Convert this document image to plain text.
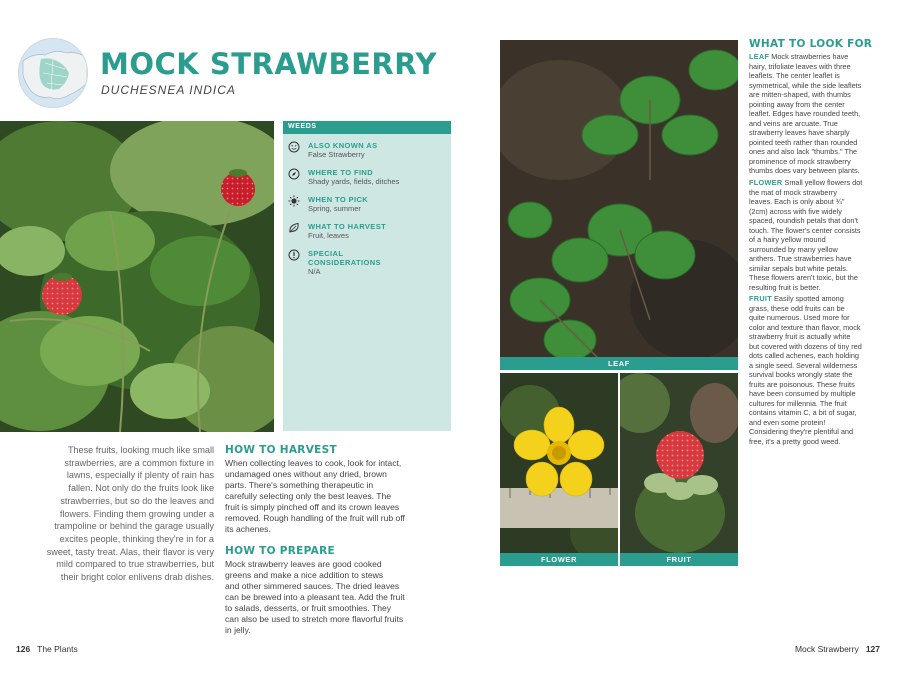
MOCK STRAWBERRY
DUCHESNEA INDICA
WEEDS
ALSO KNOWN AS
False Strawberry
WHERE TO FIND
Shady yards, fields, ditches
WHEN TO PICK
Spring, summer
WHAT TO HARVEST
Fruit, leaves
SPECIAL
CONSIDERATIONS
N/A
These fruits, looking much like small
strawberries, are a common fixture in
lawns, especially if plenty of rain has
fallen. Not only do the fruits look like
strawberries, but so do the leaves and
flowers. Finding them growing under a
trampoline or behind the garage usually
excites people, thinking they're in for a
sweet, tasty treat. Alas, their flavor is very
mild compared to true strawberries, but
their bright color enlivens drab dishes.
HOW TO HARVEST
When collecting leaves to cook, look for intact,
undamaged ones without any dried, brown
parts. There's something therapeutic in
carefully selecting only the best leaves. The
fruit is simply pinched off and its crown leaves
removed. Rough handling of the fruit will rub off
its achenes.
HOW TO PREPARE
Mock strawberry leaves are good cooked
greens and make a nice addition to stews
and other simmered sauces. The dried leaves
can be brewed into a pleasant tea. Add the fruit
to salads, desserts, or fruit smoothies. They
can also be used to stretch more flavorful fruits
in jelly.
126 The Plants
LEAF
FLOWER	FRUIT
WHAT TO LOOK FOR
LEAF Mock strawberries have
hairy, trifoliate leaves with three
leaflets. The center leaflet is
symmetrical, while the side leaflets
are mitten-shaped, with thumbs
pointing away from the center
leaflet. Edges have rounded teeth,
and veins are arcuate. True
strawberry leaves have sharply
pointed teeth rather than rounded
ones and also lack "thumbs." The
prominence of mock strawberry
thumbs does vary between plants.
FLOWER Small yellow flowers dot
the mat of mock strawberry
leaves. Each is only about ¾"
(2cm) across with five widely
spaced, roundish petals that don't
touch. The flower's center consists
of a hairy yellow mound
surrounded by many yellow
anthers. True strawberries have
similar sepals but white petals.
These flowers aren't toxic, but the
resulting fruit is better.
FRUIT Easily spotted among
grass, these odd fruits can be
quite numerous. Used more for
color and texture than flavor, mock
strawberry fruit is actually white
but covered with dozens of tiny red
dots called achenes, each holding
a single seed. Several wilderness
survival books wrongly state the
fruits are poisonous. These fruits
have been consumed by multiple
cultures for millennia. The fruit
contains vitamin C, a bit of sugar,
and even some protein!
Considering they're plentiful and
free, it's a pretty good weed.
Mock Strawberry 127
